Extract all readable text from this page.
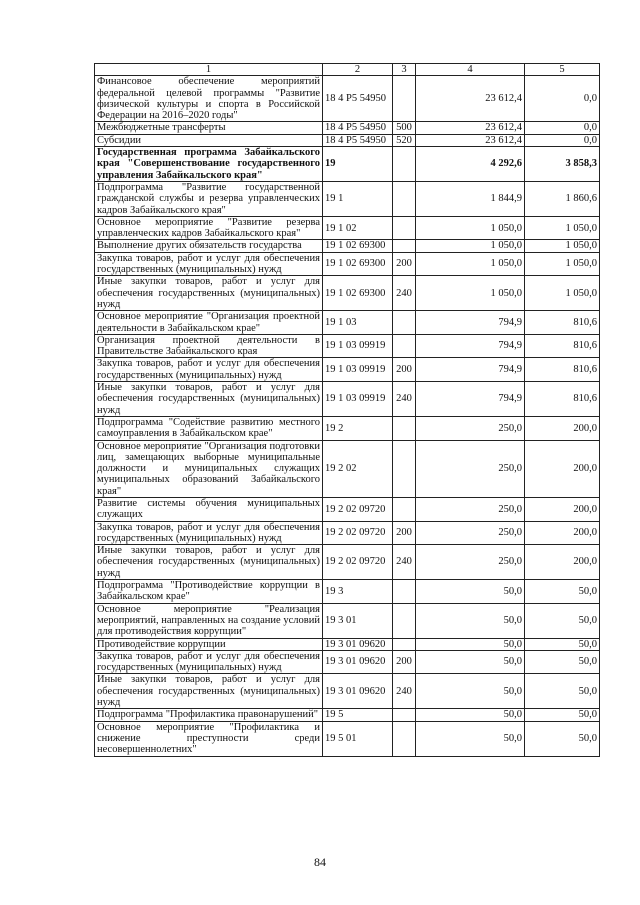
1	2	3	4	5
Финансовое обеспечение мероприятий федеральной целевой программы "Развитие физической культуры и спорта в Российской Федерации на 2016–2020 годы"	18 4 P5 54950		23 612,4	0,0
Межбюджетные трансферты	18 4 P5 54950	500	23 612,4	0,0
Субсидии	18 4 P5 54950	520	23 612,4	0,0
Государственная программа Забайкальского края "Совершенствование государственного управления Забайкальского края"	19		4 292,6	3 858,3
Подпрограмма "Развитие государственной гражданской службы и резерва управленческих кадров Забайкальского края"	19 1		1 844,9	1 860,6
Основное мероприятие "Развитие резерва управленческих кадров Забайкальского края"	19 1 02		1 050,0	1 050,0
Выполнение других обязательств государства	19 1 02 69300		1 050,0	1 050,0
Закупка товаров, работ и услуг для обеспечения государственных (муниципальных) нужд	19 1 02 69300	200	1 050,0	1 050,0
Иные закупки товаров, работ и услуг для обеспечения государственных (муниципальных) нужд	19 1 02 69300	240	1 050,0	1 050,0
Основное мероприятие "Организация проектной деятельности в Забайкальском крае"	19 1 03		794,9	810,6
Организация проектной деятельности в Правительстве Забайкальского края	19 1 03 09919		794,9	810,6
Закупка товаров, работ и услуг для обеспечения государственных (муниципальных) нужд	19 1 03 09919	200	794,9	810,6
Иные закупки товаров, работ и услуг для обеспечения государственных (муниципальных) нужд	19 1 03 09919	240	794,9	810,6
Подпрограмма "Содействие развитию местного самоуправления в Забайкальском крае"	19 2		250,0	200,0
Основное мероприятие "Организация подготовки лиц, замещающих выборные муниципальные должности и муниципальных служащих муниципальных образований Забайкальского края"	19 2 02		250,0	200,0
Развитие системы обучения муниципальных служащих	19 2 02 09720		250,0	200,0
Закупка товаров, работ и услуг для обеспечения государственных (муниципальных) нужд	19 2 02 09720	200	250,0	200,0
Иные закупки товаров, работ и услуг для обеспечения государственных (муниципальных) нужд	19 2 02 09720	240	250,0	200,0
Подпрограмма "Противодействие коррупции в Забайкальском крае"	19 3		50,0	50,0
Основное мероприятие "Реализация мероприятий, направленных на создание условий для противодействия коррупции"	19 3 01		50,0	50,0
Противодействие коррупции	19 3 01 09620		50,0	50,0
Закупка товаров, работ и услуг для обеспечения государственных (муниципальных) нужд	19 3 01 09620	200	50,0	50,0
Иные закупки товаров, работ и услуг для обеспечения государственных (муниципальных) нужд	19 3 01 09620	240	50,0	50,0
Подпрограмма "Профилактика правонарушений"	19 5		50,0	50,0
Основное мероприятие "Профилактика и снижение преступности среди несовершеннолетних"	19 5 01		50,0	50,0
84
